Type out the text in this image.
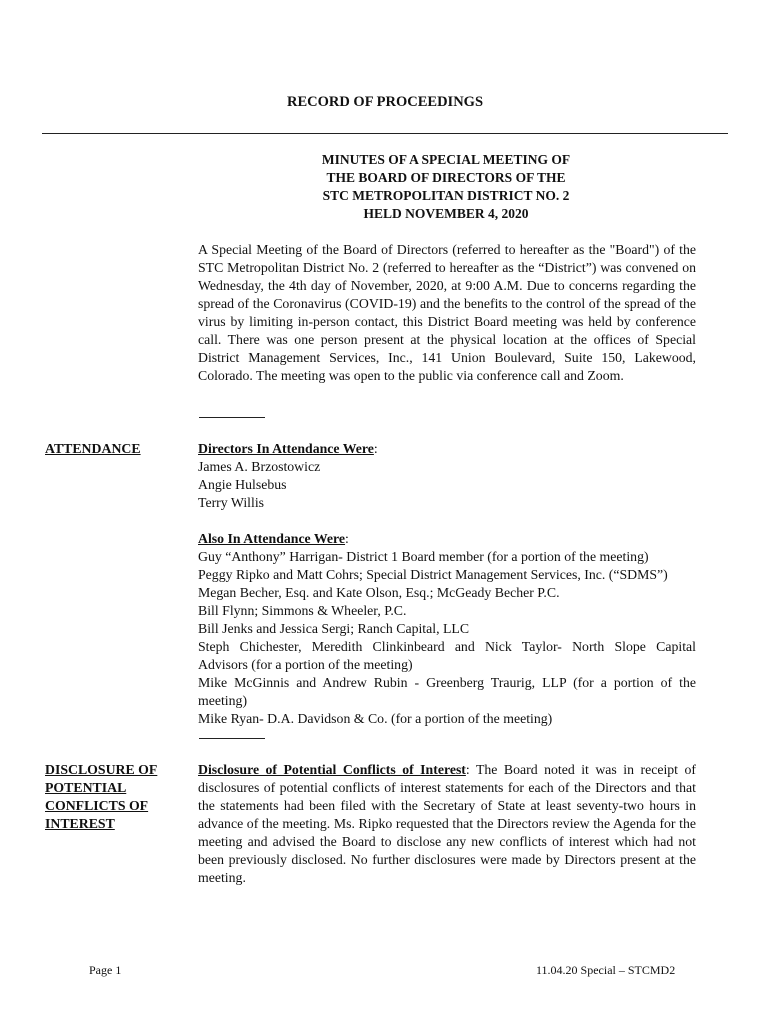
RECORD OF PROCEEDINGS
MINUTES OF A SPECIAL MEETING OF
THE BOARD OF DIRECTORS OF THE
STC METROPOLITAN DISTRICT NO. 2
HELD NOVEMBER 4, 2020
A Special Meeting of the Board of Directors (referred to hereafter as the "Board") of the STC Metropolitan District No. 2 (referred to hereafter as the “District”) was convened on Wednesday, the 4th day of November, 2020, at 9:00 A.M. Due to concerns regarding the spread of the Coronavirus (COVID-19) and the benefits to the control of the spread of the virus by limiting in-person contact, this District Board meeting was held by conference call. There was one person present at the physical location at the offices of Special District Management Services, Inc., 141 Union Boulevard, Suite 150, Lakewood, Colorado. The meeting was open to the public via conference call and Zoom.
ATTENDANCE	Directors In Attendance Were:
James A. Brzostowicz
Angie Hulsebus
Terry Willis
Also In Attendance Were:
Guy “Anthony” Harrigan- District 1 Board member (for a portion of the meeting)
Peggy Ripko and Matt Cohrs; Special District Management Services, Inc. (“SDMS”)
Megan Becher, Esq. and Kate Olson, Esq.; McGeady Becher P.C.
Bill Flynn; Simmons & Wheeler, P.C.
Bill Jenks and Jessica Sergi; Ranch Capital, LLC
Steph Chichester, Meredith Clinkinbeard and Nick Taylor- North Slope Capital
Advisors (for a portion of the meeting)
Mike McGinnis and Andrew Rubin - Greenberg Traurig, LLP (for a portion of the
meeting)
Mike Ryan- D.A. Davidson & Co. (for a portion of the meeting)
DISCLOSURE OF
POTENTIAL
CONFLICTS OF
INTEREST
Disclosure of Potential Conflicts of Interest: The Board noted it was in receipt of disclosures of potential conflicts of interest statements for each of the Directors and that the statements had been filed with the Secretary of State at least seventy-two hours in advance of the meeting. Ms. Ripko requested that the Directors review the Agenda for the meeting and advised the Board to disclose any new conflicts of interest which had not been previously disclosed. No further disclosures were made by Directors present at the meeting.
Page 1	11.04.20 Special – STCMD2
